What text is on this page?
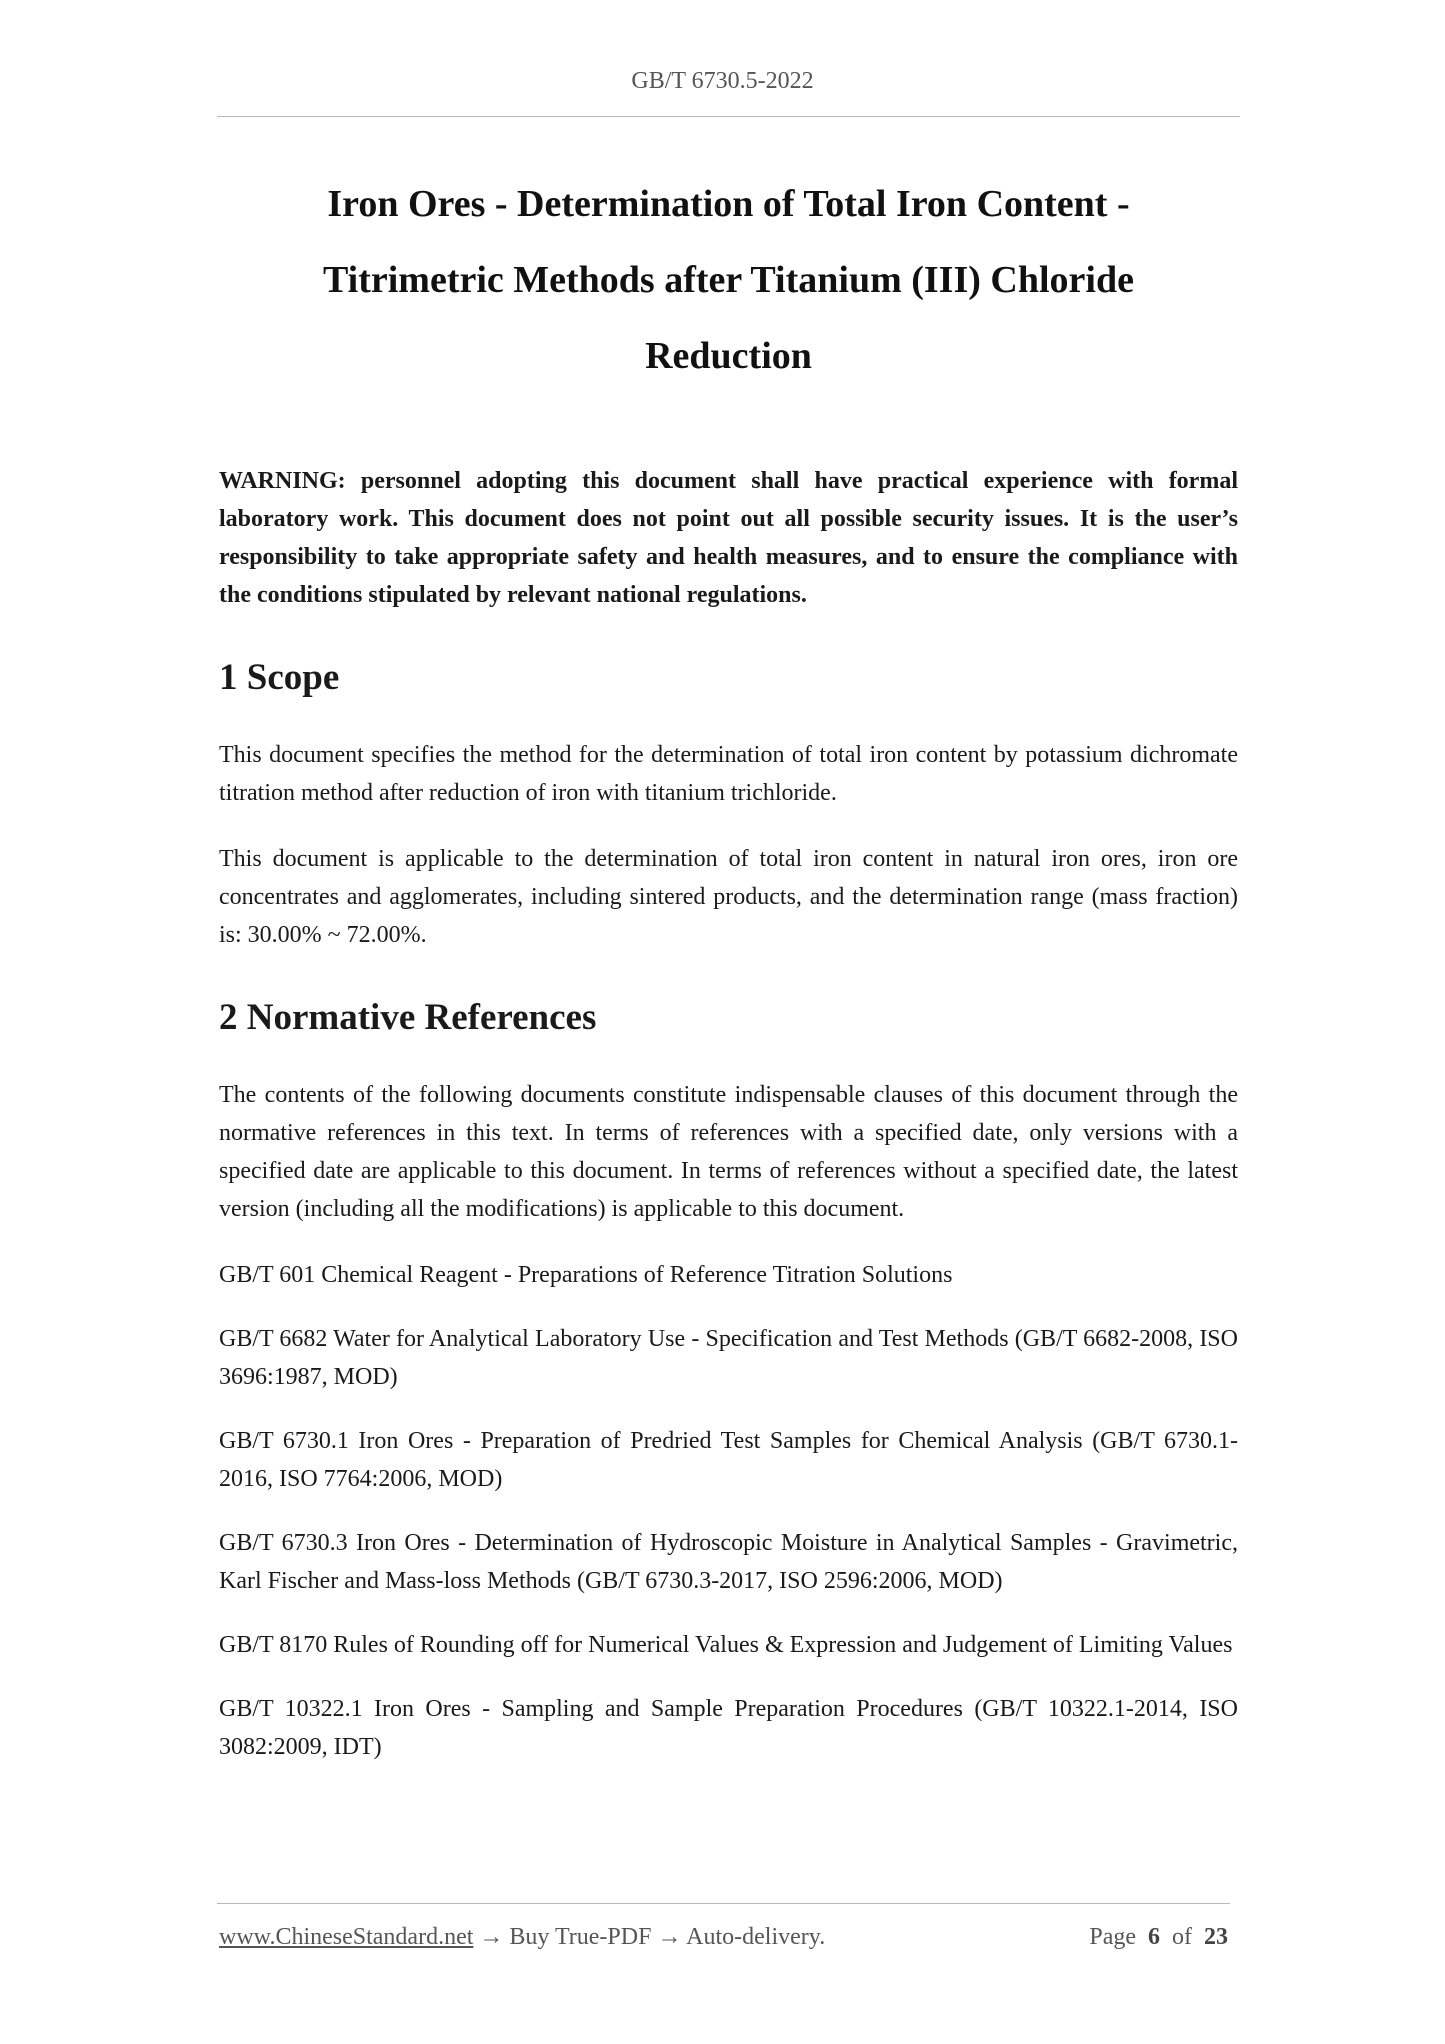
GB/T 6730.5-2022
Iron Ores - Determination of Total Iron Content -
Titrimetric Methods after Titanium (III) Chloride
Reduction

WARNING: personnel adopting this document shall have practical experience with formal laboratory work. This document does not point out all possible security issues. It is the user’s responsibility to take appropriate safety and health measures, and to ensure the compliance with the conditions stipulated by relevant national regulations.

1 Scope

This document specifies the method for the determination of total iron content by potassium dichromate titration method after reduction of iron with titanium trichloride.

This document is applicable to the determination of total iron content in natural iron ores, iron ore concentrates and agglomerates, including sintered products, and the determination range (mass fraction) is: 30.00% ~ 72.00%.

2 Normative References

The contents of the following documents constitute indispensable clauses of this document through the normative references in this text. In terms of references with a specified date, only versions with a specified date are applicable to this document. In terms of references without a specified date, the latest version (including all the modifications) is applicable to this document.

GB/T 601 Chemical Reagent - Preparations of Reference Titration Solutions

GB/T 6682 Water for Analytical Laboratory Use - Specification and Test Methods (GB/T 6682-2008, ISO 3696:1987, MOD)

GB/T 6730.1 Iron Ores - Preparation of Predried Test Samples for Chemical Analysis (GB/T 6730.1-2016, ISO 7764:2006, MOD)

GB/T 6730.3 Iron Ores - Determination of Hydroscopic Moisture in Analytical Samples - Gravimetric, Karl Fischer and Mass-loss Methods (GB/T 6730.3-2017, ISO 2596:2006, MOD)

GB/T 8170 Rules of Rounding off for Numerical Values & Expression and Judgement of Limiting Values

GB/T 10322.1 Iron Ores - Sampling and Sample Preparation Procedures (GB/T 10322.1-2014, ISO 3082:2009, IDT)

www.ChineseStandard.net → Buy True-PDF → Auto-delivery.	Page 6 of 23
